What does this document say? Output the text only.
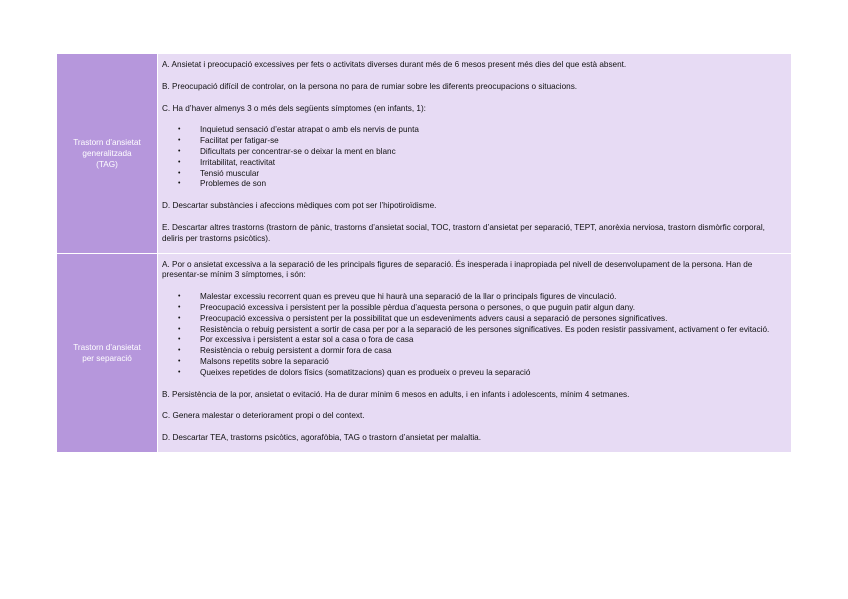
Trastorn d’ansietat
generalitzada
(TAG)

A. Ansietat i preocupació excessives per fets o activitats diverses durant més de 6 mesos present més dies del que està absent.

B. Preocupació difícil de controlar, on la persona no para de rumiar sobre les diferents preocupacions o situacions.

C. Ha d’haver almenys 3 o més dels següents símptomes (en infants, 1):

• Inquietud sensació d’estar atrapat o amb els nervis de punta
• Facilitat per fatigar-se
• Dificultats per concentrar-se o deixar la ment en blanc
• Irritabilitat, reactivitat
• Tensió muscular
• Problemes de son

D. Descartar substàncies i afeccions mèdiques com pot ser l’hipotiroïdisme.

E. Descartar altres trastorns (trastorn de pànic, trastorns d’ansietat social, TOC, trastorn d’ansietat per separació, TEPT, anorèxia nerviosa, trastorn dismòrfic corporal, deliris per trastorns psicòtics).

Trastorn d’ansietat
per separació

A. Por o ansietat excessiva a la separació de les principals figures de separació. És inesperada i inapropiada pel nivell de desenvolupament de la persona. Han de presentar-se mínim 3 símptomes, i són:

• Malestar excessiu recorrent quan es preveu que hi haurà una separació de la llar o principals figures de vinculació.
• Preocupació excessiva i persistent per la possible pèrdua d’aquesta persona o persones, o que puguin patir algun dany.
• Preocupació excessiva o persistent per la possibilitat que un esdeveniments advers causi a separació de persones significatives.
• Resistència o rebuig persistent a sortir de casa per por a la separació de les persones significatives. Es poden resistir passivament, activament o fer evitació.
• Por excessiva i persistent a estar sol a casa o fora de casa
• Resistència o rebuig persistent a dormir fora de casa
• Malsons repetits sobre la separació
• Queixes repetides de dolors físics (somatitzacions) quan es produeix o preveu la separació

B. Persistència de la por, ansietat o evitació. Ha de durar mínim 6 mesos en adults, i en infants i adolescents, mínim 4 setmanes.

C. Genera malestar o deteriorament propi o del context.

D. Descartar TEA, trastorns psicòtics, agorafòbia, TAG o trastorn d’ansietat per malaltia.
